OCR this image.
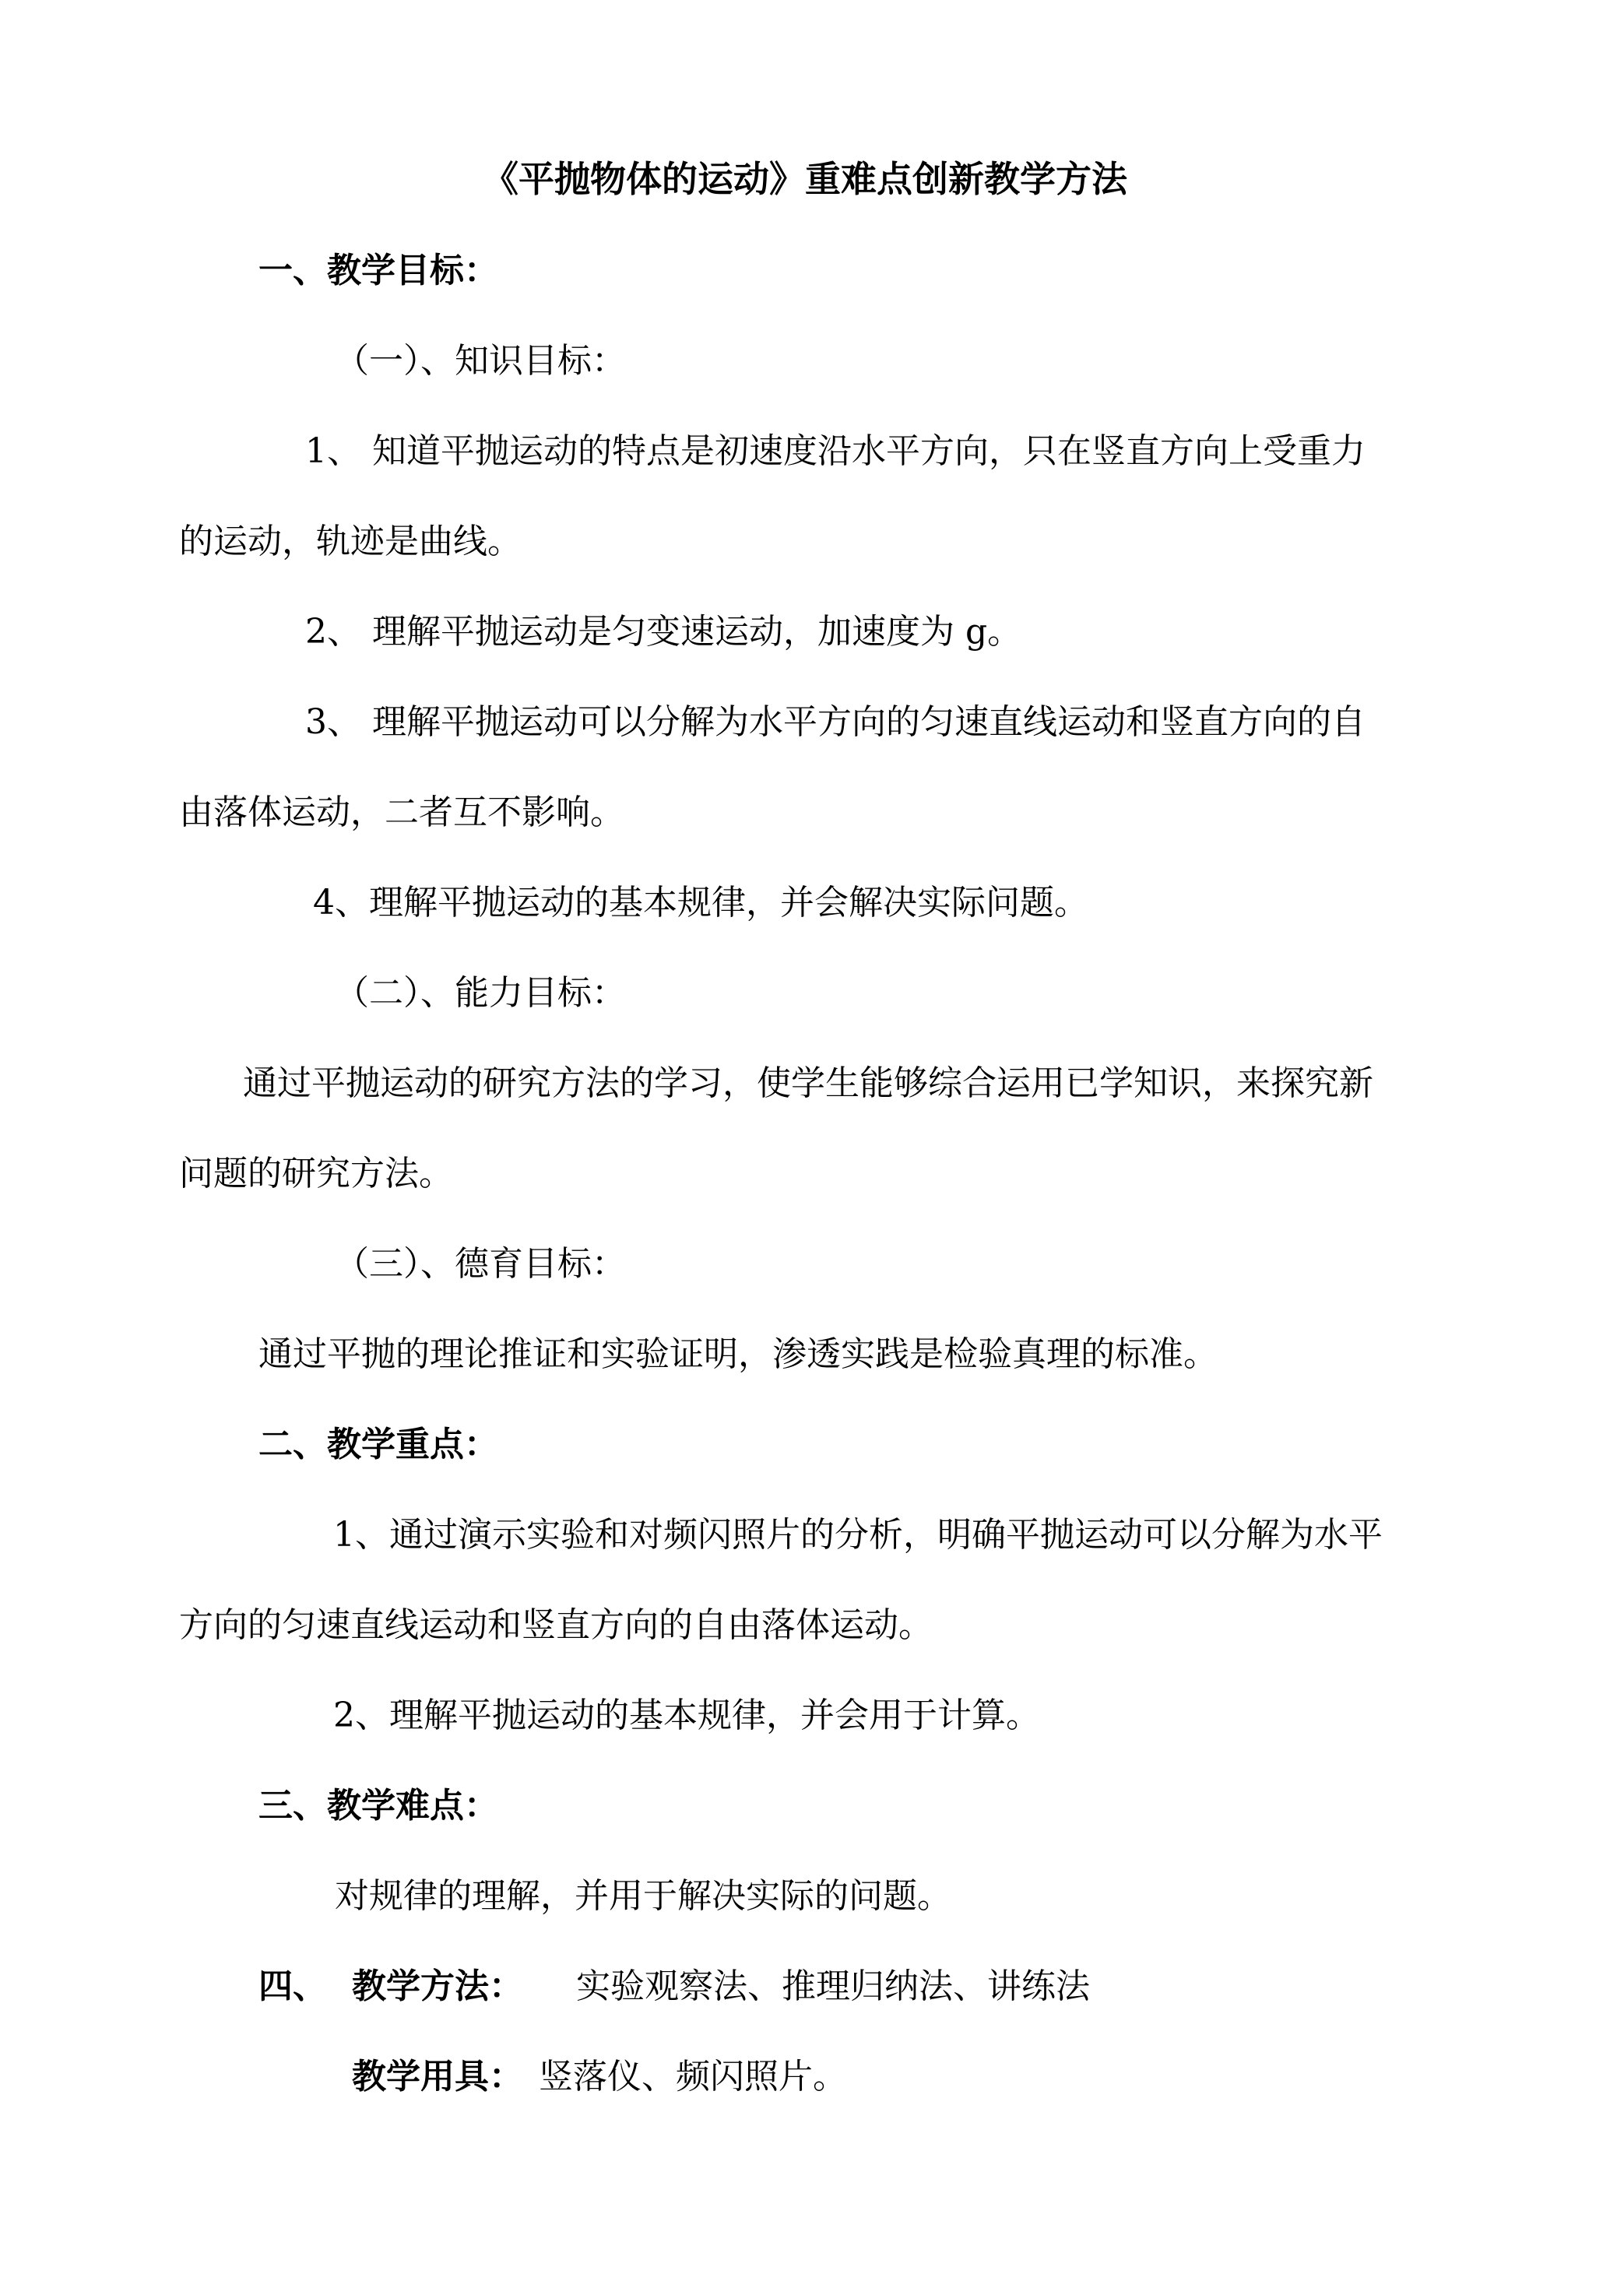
《平抛物体的运动》重难点创新教学方法

一、教学目标：

（一）、知识目标：

1、 知道平抛运动的特点是初速度沿水平方向，只在竖直方向上受重力

的运动，轨迹是曲线。

2、 理解平抛运动是匀变速运动，加速度为 g。

3、 理解平抛运动可以分解为水平方向的匀速直线运动和竖直方向的自

由落体运动，二者互不影响。

4、理解平抛运动的基本规律，并会解决实际问题。

（二）、能力目标：

通过平抛运动的研究方法的学习，使学生能够综合运用已学知识，来探究新

问题的研究方法。

（三）、德育目标：

通过平抛的理论推证和实验证明，渗透实践是检验真理的标准。

二、教学重点：

1、通过演示实验和对频闪照片的分析，明确平抛运动可以分解为水平

方向的匀速直线运动和竖直方向的自由落体运动。

2、理解平抛运动的基本规律，并会用于计算。

三、教学难点：

对规律的理解，并用于解决实际的问题。

四、 教学方法： 实验观察法、推理归纳法、讲练法

教学用具： 竖落仪、频闪照片。
